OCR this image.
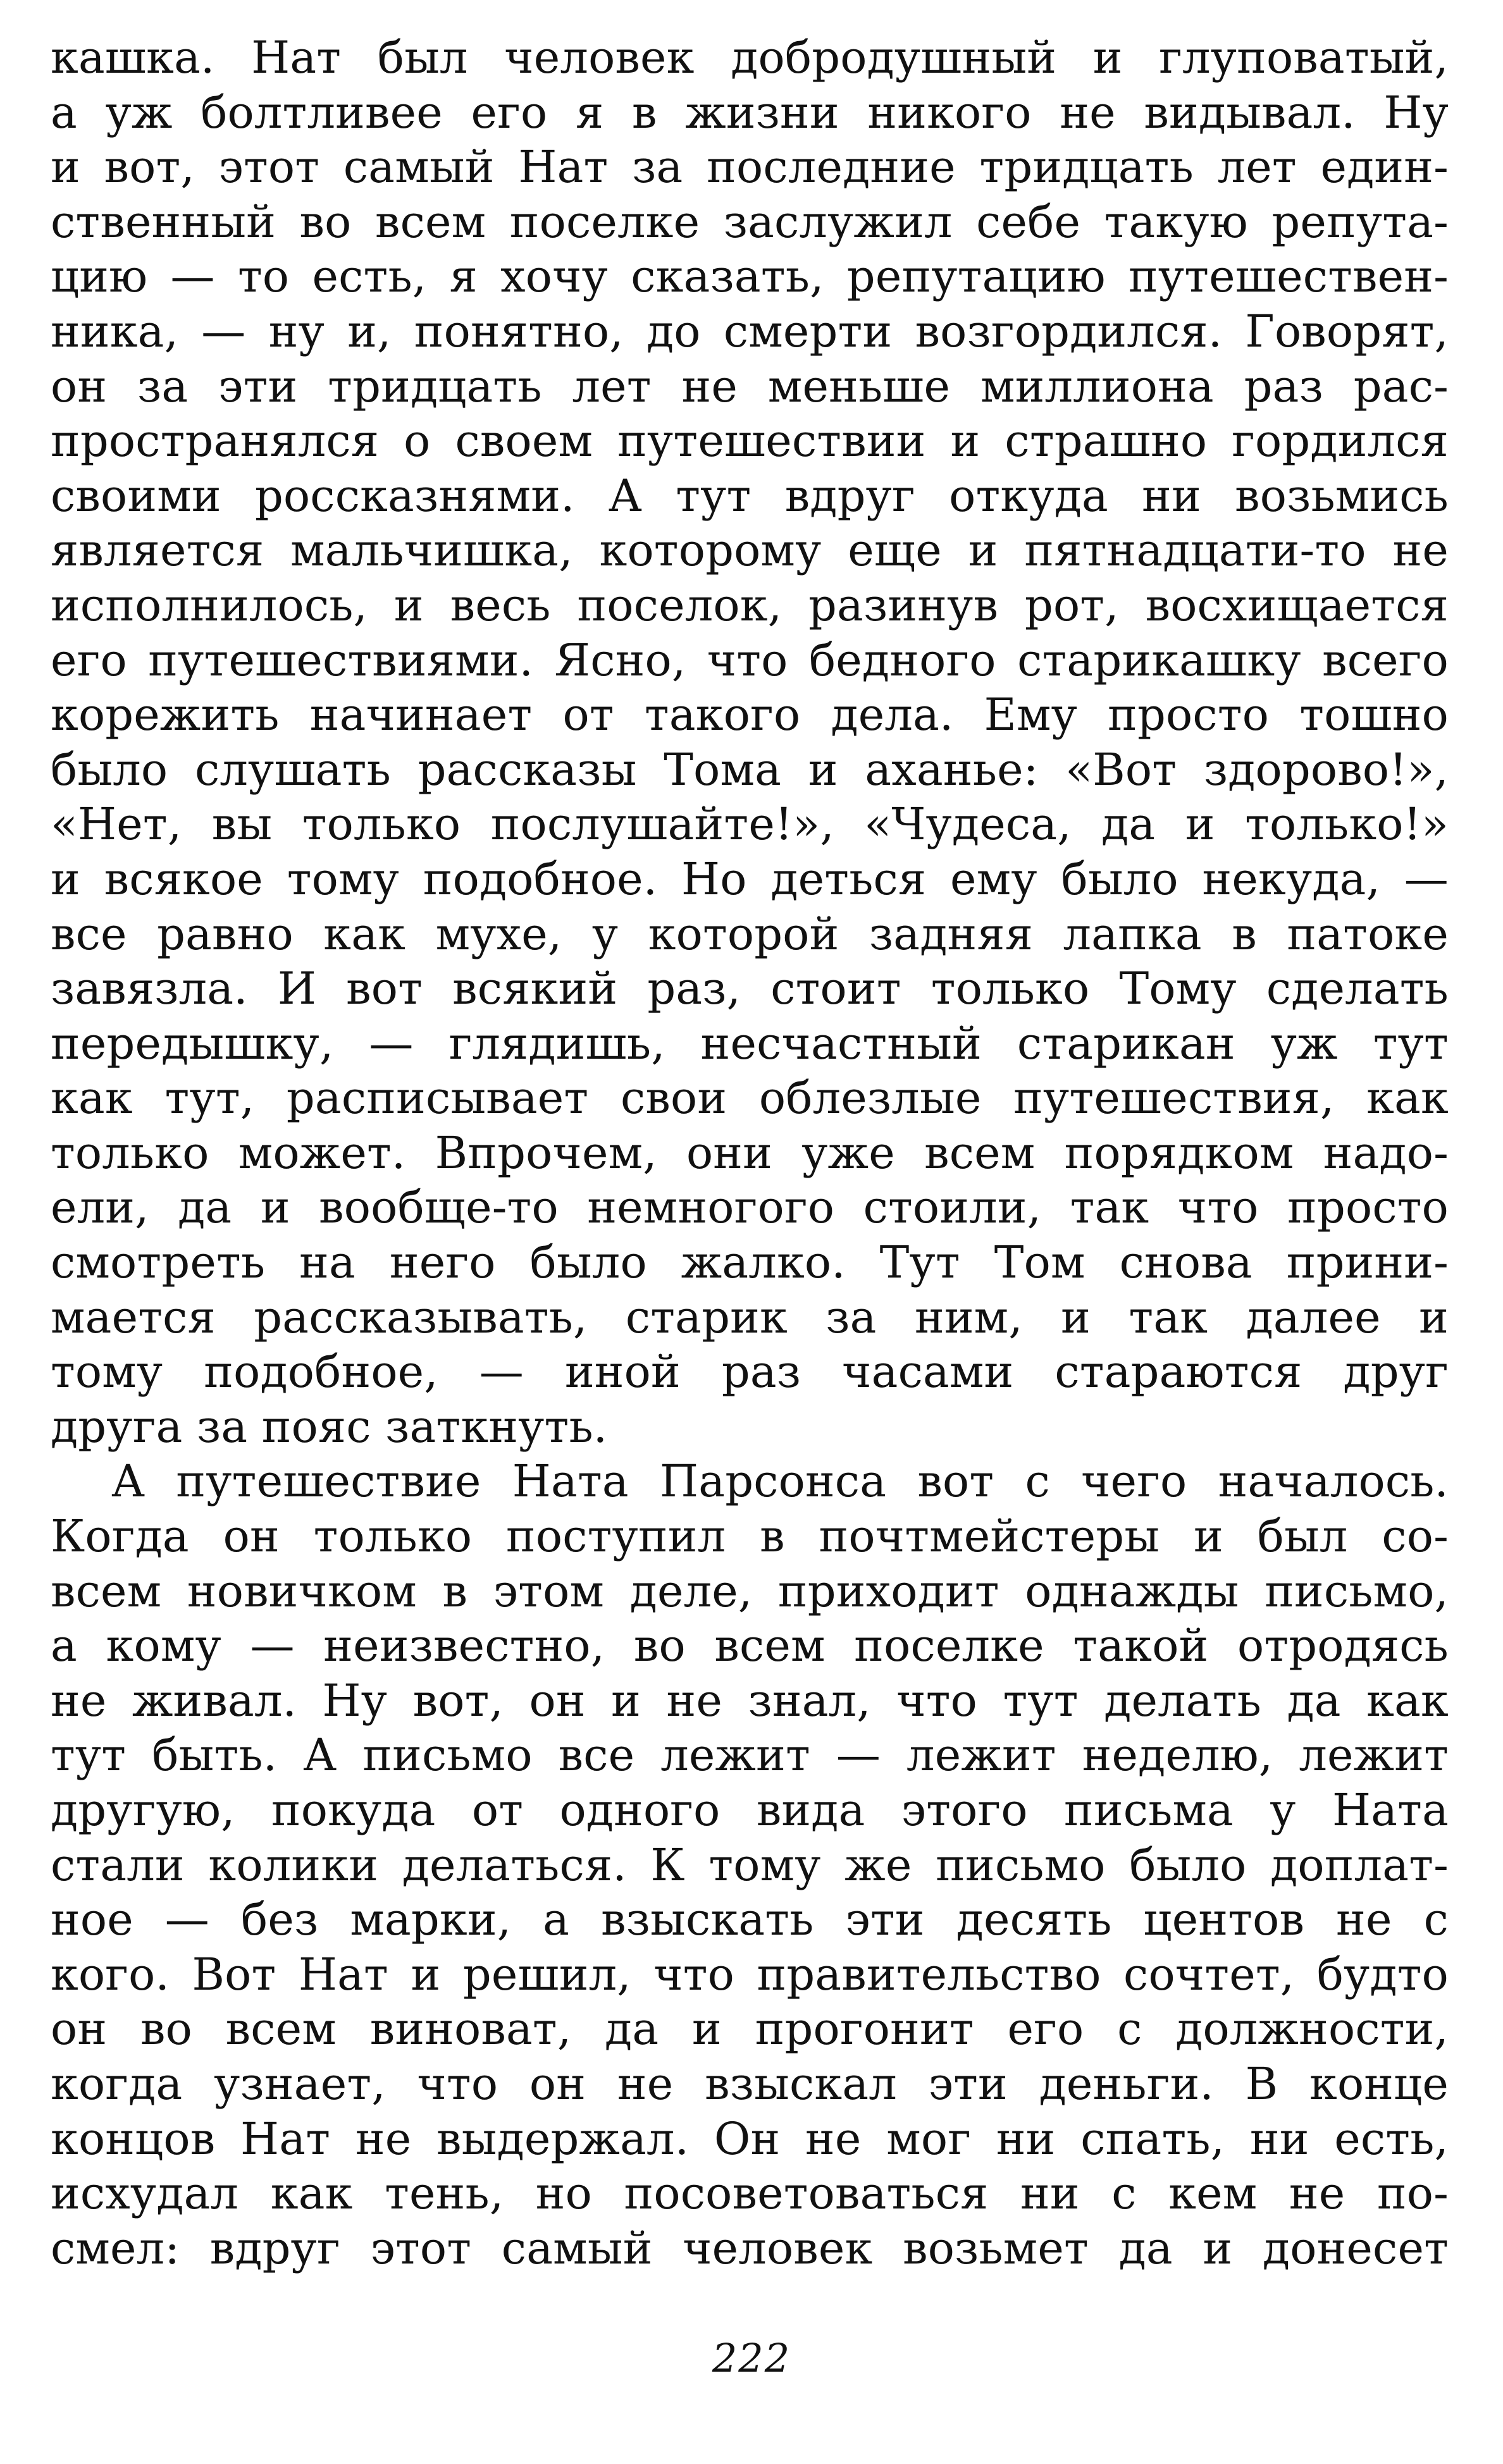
кашка. Нат был человек добродушный и глуповатый,
а уж болтливее его я в жизни никого не видывал. Ну
и вот, этот самый Нат за последние тридцать лет един-
ственный во всем поселке заслужил себе такую репута-
цию — то есть, я хочу сказать, репутацию путешествен-
ника, — ну и, понятно, до смерти возгордился. Говорят,
он за эти тридцать лет не меньше миллиона раз рас-
пространялся о своем путешествии и страшно гордился
своими россказнями. А тут вдруг откуда ни возьмись
является мальчишка, которому еще и пятнадцати-то не
исполнилось, и весь поселок, разинув рот, восхищается
его путешествиями. Ясно, что бедного старикашку всего
корежить начинает от такого дела. Ему просто тошно
было слушать рассказы Тома и аханье: «Вот здорово!»,
«Нет, вы только послушайте!», «Чудеса, да и только!»
и всякое тому подобное. Но деться ему было некуда, —
все равно как мухе, у которой задняя лапка в патоке
завязла. И вот всякий раз, стоит только Тому сделать
передышку, — глядишь, несчастный старикан уж тут
как тут, расписывает свои облезлые путешествия, как
только может. Впрочем, они уже всем порядком надо-
ели, да и вообще-то немногого стоили, так что просто
смотреть на него было жалко. Тут Том снова прини-
мается рассказывать, старик за ним, и так далее и
тому подобное, — иной раз часами стараются друг
друга за пояс заткнуть.
А путешествие Ната Парсонса вот с чего началось.
Когда он только поступил в почтмейстеры и был со-
всем новичком в этом деле, приходит однажды письмо,
а кому — неизвестно, во всем поселке такой отродясь
не живал. Ну вот, он и не знал, что тут делать да как
тут быть. А письмо все лежит — лежит неделю, лежит
другую, покуда от одного вида этого письма у Ната
стали колики делаться. К тому же письмо было доплат-
ное — без марки, а взыскать эти десять центов не с
кого. Вот Нат и решил, что правительство сочтет, будто
он во всем виноват, да и прогонит его с должности,
когда узнает, что он не взыскал эти деньги. В конце
концов Нат не выдержал. Он не мог ни спать, ни есть,
исхудал как тень, но посоветоваться ни с кем не по-
смел: вдруг этот самый человек возьмет да и донесет
222
